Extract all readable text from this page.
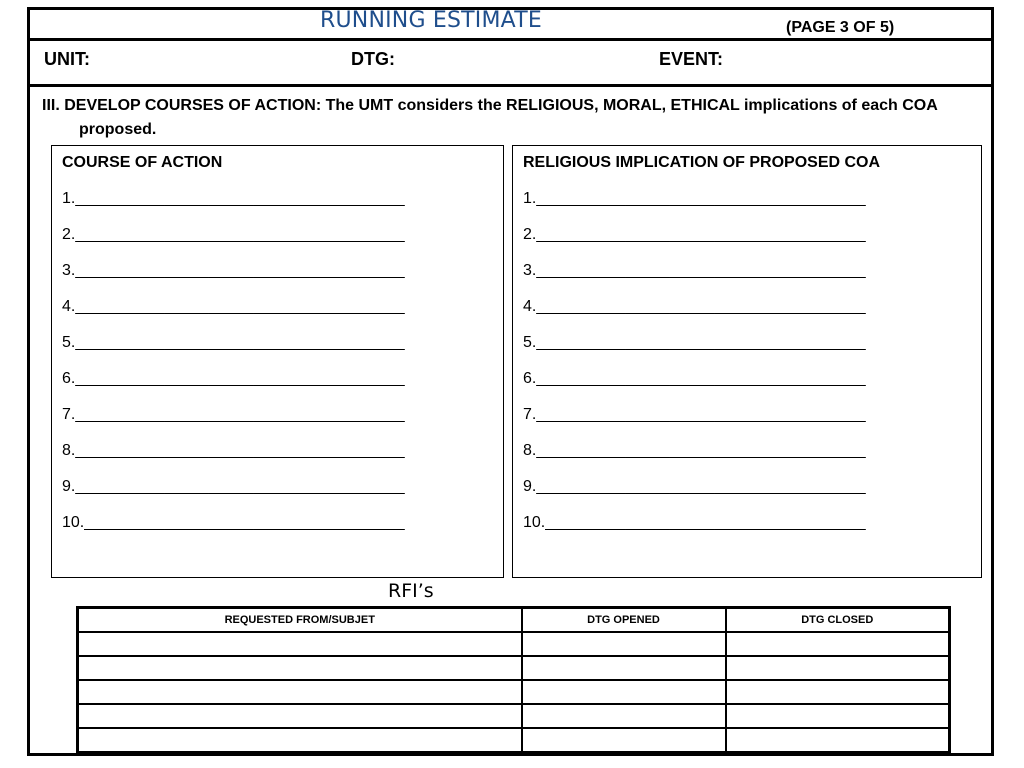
RUNNING ESTIMATE	(PAGE 3 OF 5)
UNIT:	DTG:	EVENT:
III. DEVELOP COURSES OF ACTION: The UMT considers the RELIGIOUS, MORAL, ETHICAL implications of each COA
proposed.
COURSE OF ACTION
1._____________________________________
2._____________________________________
3._____________________________________
4._____________________________________
5._____________________________________
6._____________________________________
7._____________________________________
8._____________________________________
9._____________________________________
10.____________________________________
RELIGIOUS IMPLICATION OF PROPOSED COA
1._____________________________________
2._____________________________________
3._____________________________________
4._____________________________________
5._____________________________________
6._____________________________________
7._____________________________________
8._____________________________________
9._____________________________________
10.____________________________________
RFI’s
REQUESTED FROM/SUBJET	DTG OPENED	DTG CLOSED
